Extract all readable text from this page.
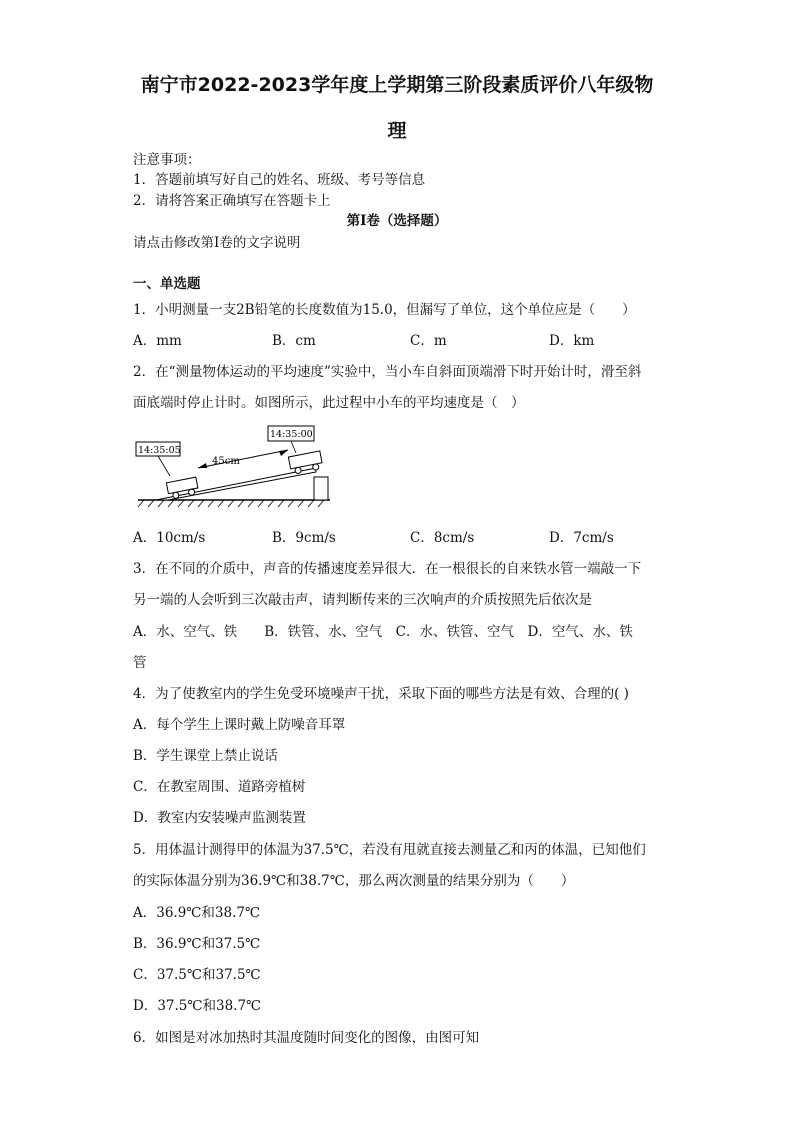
南宁市2022-2023学年度上学期第三阶段素质评价八年级物
理
注意事项：
1．答题前填写好自己的姓名、班级、考号等信息
2．请将答案正确填写在答题卡上
第I卷（选择题）
请点击修改第I卷的文字说明
一、单选题
1．小明测量一支2B铅笔的长度数值为15.0，但漏写了单位，这个单位应是（　　）
A．mm	B．cm	C．m	D．km
2．在“测量物体运动的平均速度”实验中，当小车自斜面顶端滑下时开始计时，滑至斜
面底端时停止计时。如图所示，此过程中小车的平均速度是（　）
45cm
14:35:05
14:35:00
A．10cm/s	B．9cm/s	C．8cm/s	D．7cm/s
3．在不同的介质中，声音的传播速度差异很大．在一根很长的自来铁水管一端敲一下
另一端的人会听到三次敲击声，请判断传来的三次响声的介质按照先后依次是
A．水、空气、铁　　B．铁管、水、空气　C．水、铁管、空气　D．空气、水、铁
管
4．为了使教室内的学生免受环境噪声干扰，采取下面的哪些方法是有效、合理的( )
A．每个学生上课时戴上防噪音耳罩
B．学生课堂上禁止说话
C．在教室周围、道路旁植树
D．教室内安装噪声监测装置
5．用体温计测得甲的体温为37.5℃，若没有甩就直接去测量乙和丙的体温，已知他们
的实际体温分别为36.9℃和38.7℃，那么两次测量的结果分别为（　　）
A．36.9℃和38.7℃
B．36.9℃和37.5℃
C．37.5℃和37.5℃
D．37.5℃和38.7℃
6．如图是对冰加热时其温度随时间变化的图像，由图可知
